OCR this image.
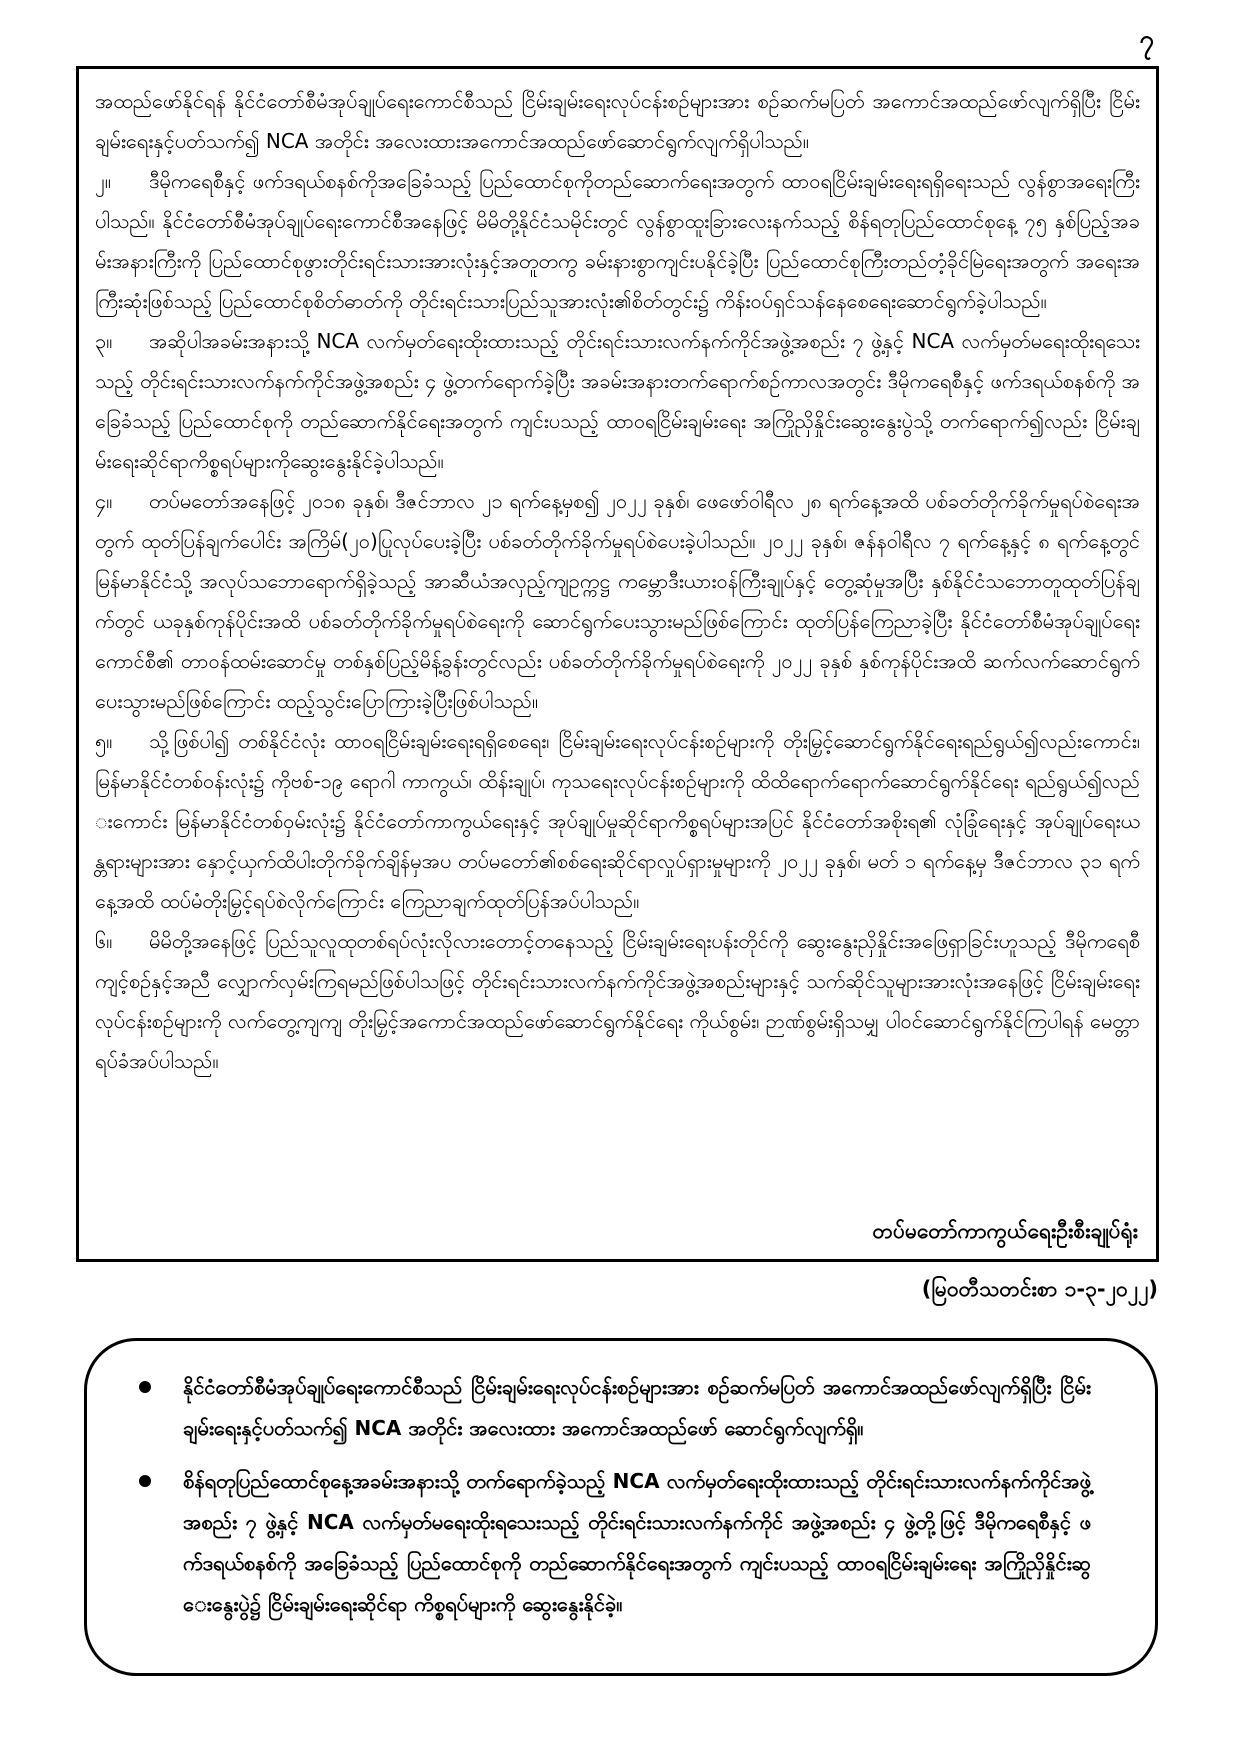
၇

အထည်ဖော်နိုင်ရန် နိုင်ငံတော်စီမံအုပ်ချုပ်ရေးကောင်စီသည် ငြိမ်းချမ်းရေးလုပ်ငန်းစဉ်များအား စဉ်ဆက်မပြတ် အကောင်အထည်ဖော်လျက်ရှိပြီး ငြိမ်းချမ်းရေးနှင့်ပတ်သက်၍ NCA အတိုင်း အလေးထားအကောင်အထည်ဖော်ဆောင်ရွက်လျက်ရှိပါသည်။

၂။ ဒီမိုကရေစီနှင့် ဖက်ဒရယ်စနစ်ကိုအခြေခံသည့် ပြည်ထောင်စုကိုတည်ဆောက်ရေးအတွက် ထာဝရငြိမ်းချမ်းရေးရရှိရေးသည် လွန်စွာအရေးကြီးပါသည်။ နိုင်ငံတော်စီမံအုပ်ချုပ်ရေးကောင်စီအနေဖြင့် မိမိတို့နိုင်ငံသမိုင်းတွင် လွန်စွာထူးခြားလေးနက်သည့် စိန်ရတုပြည်ထောင်စုနေ့ ၇၅ နှစ်ပြည့်အခမ်းအနားကြီးကို ပြည်ထောင်စုဖွားတိုင်းရင်းသားအားလုံးနှင့်အတူတကွ ခမ်းနားစွာကျင်းပနိုင်ခဲ့ပြီး ပြည်ထောင်စုကြီးတည်တံ့ခိုင်မြဲရေးအတွက် အရေးအကြီးဆုံးဖြစ်သည့် ပြည်ထောင်စုစိတ်ဓာတ်ကို တိုင်းရင်းသားပြည်သူအားလုံး၏စိတ်တွင်း၌ ကိန်းဝပ်ရှင်သန်နေစေရေးဆောင်ရွက်ခဲ့ပါသည်။

၃။ အဆိုပါအခမ်းအနားသို့ NCA လက်မှတ်ရေးထိုးထားသည့် တိုင်းရင်းသားလက်နက်ကိုင်အဖွဲ့အစည်း ၇ ဖွဲ့နှင့် NCA လက်မှတ်မရေးထိုးရသေးသည့် တိုင်းရင်းသားလက်နက်ကိုင်အဖွဲ့အစည်း ၄ ဖွဲ့တက်ရောက်ခဲ့ပြီး အခမ်းအနားတက်ရောက်စဉ်ကာလအတွင်း ဒီမိုကရေစီနှင့် ဖက်ဒရယ်စနစ်ကို အခြေခံသည့် ပြည်ထောင်စုကို တည်ဆောက်နိုင်ရေးအတွက် ကျင်းပသည့် ထာဝရငြိမ်းချမ်းရေး အကြိုညှိနှိုင်းဆွေးနွေးပွဲသို့ တက်ရောက်၍လည်း ငြိမ်းချမ်းရေးဆိုင်ရာကိစ္စရပ်များကိုဆွေးနွေးနိုင်ခဲ့ပါသည်။

၄။ တပ်မတော်အနေဖြင့် ၂၀၁၈ ခုနှစ်၊ ဒီဇင်ဘာလ ၂၁ ရက်နေ့မှစ၍ ၂၀၂၂ ခုနှစ်၊ ဖေဖော်ဝါရီလ ၂၈ ရက်နေ့အထိ ပစ်ခတ်တိုက်ခိုက်မှုရပ်စဲရေးအတွက် ထုတ်ပြန်ချက်ပေါင်း အကြိမ်(၂၀)ပြုလုပ်ပေးခဲ့ပြီး ပစ်ခတ်တိုက်ခိုက်မှုရပ်စဲပေးခဲ့ပါသည်။ ၂၀၂၂ ခုနှစ်၊ ဇန်နဝါရီလ ၇ ရက်နေ့နှင့် ၈ ရက်နေ့တွင် မြန်မာနိုင်ငံသို့ အလုပ်သဘောရောက်ရှိခဲ့သည့် အာဆီယံအလှည့်ကျဥက္ကဋ္ဌ ကမ္ဘောဒီးယားဝန်ကြီးချုပ်နှင့် တွေ့ဆုံမှုအပြီး နှစ်နိုင်ငံသဘောတူထုတ်ပြန်ချက်တွင် ယခုနှစ်ကုန်ပိုင်းအထိ ပစ်ခတ်တိုက်ခိုက်မှုရပ်စဲရေးကို ဆောင်ရွက်ပေးသွားမည်ဖြစ်ကြောင်း ထုတ်ပြန်ကြေညာခဲ့ပြီး နိုင်ငံတော်စီမံအုပ်ချုပ်ရေးကောင်စီ၏ တာဝန်ထမ်းဆောင်မှု တစ်နှစ်ပြည့်မိန့်ခွန်းတွင်လည်း ပစ်ခတ်တိုက်ခိုက်မှုရပ်စဲရေးကို ၂၀၂၂ ခုနှစ် နှစ်ကုန်ပိုင်းအထိ ဆက်လက်ဆောင်ရွက်ပေးသွားမည်ဖြစ်ကြောင်း ထည့်သွင်းပြောကြားခဲ့ပြီးဖြစ်ပါသည်။

၅။ သို့ဖြစ်ပါ၍ တစ်နိုင်ငံလုံး ထာဝရငြိမ်းချမ်းရေးရရှိစေရေး၊ ငြိမ်းချမ်းရေးလုပ်ငန်းစဉ်များကို တိုးမြှင့်ဆောင်ရွက်နိုင်ရေးရည်ရွယ်၍လည်းကောင်း၊ မြန်မာနိုင်ငံတစ်ဝန်းလုံး၌ ကိုဗစ်-၁၉ ရောဂါ ကာကွယ်၊ ထိန်းချုပ်၊ ကုသရေးလုပ်ငန်းစဉ်များကို ထိထိရောက်ရောက်ဆောင်ရွက်နိုင်ရေး ရည်ရွယ်၍လည်းကောင်း မြန်မာနိုင်ငံတစ်ဝှမ်းလုံး၌ နိုင်ငံတော်ကာကွယ်ရေးနှင့် အုပ်ချုပ်မှုဆိုင်ရာကိစ္စရပ်များအပြင် နိုင်ငံတော်အစိုးရ၏ လုံခြုံရေးနှင့် အုပ်ချုပ်ရေးယန္တရားများအား နှောင့်ယှက်ထိပါးတိုက်ခိုက်ချိန်မှအပ တပ်မတော်၏စစ်ရေးဆိုင်ရာလှုပ်ရှားမှုများကို ၂၀၂၂ ခုနှစ်၊ မတ် ၁ ရက်နေ့မှ ဒီဇင်ဘာလ ၃၁ ရက်နေ့အထိ ထပ်မံတိုးမြှင့်ရပ်စဲလိုက်ကြောင်း ကြေညာချက်ထုတ်ပြန်အပ်ပါသည်။

၆။ မိမိတို့အနေဖြင့် ပြည်သူလူထုတစ်ရပ်လုံးလိုလားတောင့်တနေသည့် ငြိမ်းချမ်းရေးပန်းတိုင်ကို ဆွေးနွေးညှိနှိုင်းအဖြေရှာခြင်းဟူသည့် ဒီမိုကရေစီကျင့်စဉ်နှင့်အညီ လျှောက်လှမ်းကြရမည်ဖြစ်ပါသဖြင့် တိုင်းရင်းသားလက်နက်ကိုင်အဖွဲ့အစည်းများနှင့် သက်ဆိုင်သူများအားလုံးအနေဖြင့် ငြိမ်းချမ်းရေးလုပ်ငန်းစဉ်များကို လက်တွေ့ကျကျ တိုးမြှင့်အကောင်အထည်ဖော်ဆောင်ရွက်နိုင်ရေး ကိုယ်စွမ်း၊ ဉာဏ်စွမ်းရှိသမျှ ပါဝင်ဆောင်ရွက်နိုင်ကြပါရန် မေတ္တာရပ်ခံအပ်ပါသည်။

တပ်မတော်ကာကွယ်ရေးဦးစီးချုပ်ရုံး
(မြဝတီသတင်းစာ ၁-၃-၂၀၂၂)
နိုင်ငံတော်စီမံအုပ်ချုပ်ရေးကောင်စီသည် ငြိမ်းချမ်းရေးလုပ်ငန်းစဉ်များအား စဉ်ဆက်မပြတ် အကောင်အထည်ဖော်လျက်ရှိပြီး ငြိမ်းချမ်းရေးနှင့်ပတ်သက်၍ NCA အတိုင်း အလေးထား အကောင်အထည်ဖော် ဆောင်ရွက်လျက်ရှိ။
စိန်ရတုပြည်ထောင်စုနေ့အခမ်းအနားသို့ တက်ရောက်ခဲ့သည့် NCA လက်မှတ်ရေးထိုးထားသည့် တိုင်းရင်းသားလက်နက်ကိုင်အဖွဲ့အစည်း ၇ ဖွဲ့နှင့် NCA လက်မှတ်မရေးထိုးရသေးသည့် တိုင်းရင်းသားလက်နက်ကိုင် အဖွဲ့အစည်း ၄ ဖွဲ့တို့ဖြင့် ဒီမိုကရေစီနှင့် ဖက်ဒရယ်စနစ်ကို အခြေခံသည့် ပြည်ထောင်စုကို တည်ဆောက်နိုင်ရေးအတွက် ကျင်းပသည့် ထာဝရငြိမ်းချမ်းရေး အကြိုညှိနှိုင်းဆွေးနွေးပွဲ၌ ငြိမ်းချမ်းရေးဆိုင်ရာ ကိစ္စရပ်များကို ဆွေးနွေးနိုင်ခဲ့။
